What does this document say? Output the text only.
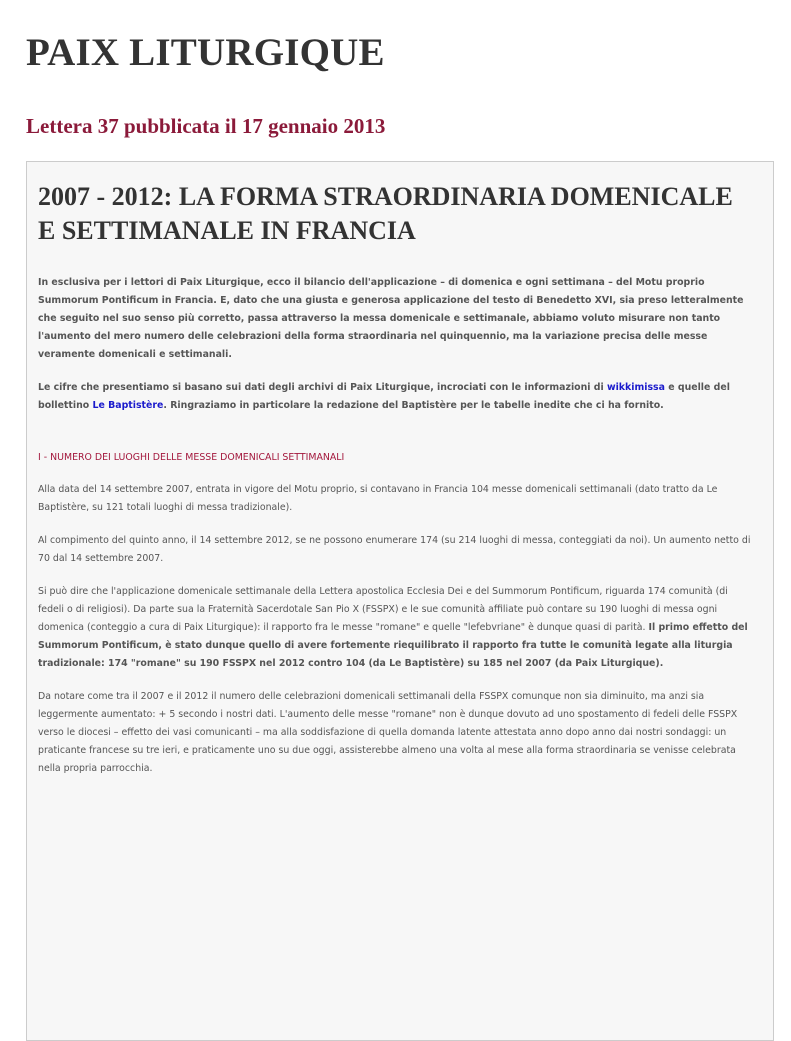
PAIX LITURGIQUE
Lettera 37 pubblicata il 17 gennaio 2013
2007 - 2012: LA FORMA STRAORDINARIA DOMENICALE E SETTIMANALE IN FRANCIA

In esclusiva per i lettori di Paix Liturgique, ecco il bilancio dell'applicazione – di domenica e ogni settimana – del Motu proprio Summorum Pontificum in Francia. E, dato che una giusta e generosa applicazione del testo di Benedetto XVI, sia preso letteralmente che seguito nel suo senso più corretto, passa attraverso la messa domenicale e settimanale, abbiamo voluto misurare non tanto l'aumento del mero numero delle celebrazioni della forma straordinaria nel quinquennio, ma la variazione precisa delle messe veramente domenicali e settimanali.

Le cifre che presentiamo si basano sui dati degli archivi di Paix Liturgique, incrociati con le informazioni di wikkimissa e quelle del bollettino Le Baptistère. Ringraziamo in particolare la redazione del Baptistère per le tabelle inedite che ci ha fornito.

I - NUMERO DEI LUOGHI DELLE MESSE DOMENICALI SETTIMANALI

Alla data del 14 settembre 2007, entrata in vigore del Motu proprio, si contavano in Francia 104 messe domenicali settimanali (dato tratto da Le Baptistère, su 121 totali luoghi di messa tradizionale).

Al compimento del quinto anno, il 14 settembre 2012, se ne possono enumerare 174 (su 214 luoghi di messa, conteggiati da noi). Un aumento netto di 70 dal 14 settembre 2007.

Si può dire che l'applicazione domenicale settimanale della Lettera apostolica Ecclesia Dei e del Summorum Pontificum, riguarda 174 comunità (di fedeli o di religiosi). Da parte sua la Fraternità Sacerdotale San Pio X (FSSPX) e le sue comunità affiliate può contare su 190 luoghi di messa ogni domenica (conteggio a cura di Paix Liturgique): il rapporto fra le messe "romane" e quelle "lefebvriane" è dunque quasi di parità. Il primo effetto del Summorum Pontificum, è stato dunque quello di avere fortemente riequilibrato il rapporto fra tutte le comunità legate alla liturgia tradizionale: 174 "romane" su 190 FSSPX nel 2012 contro 104 (da Le Baptistère) su 185 nel 2007 (da Paix Liturgique).

Da notare come tra il 2007 e il 2012 il numero delle celebrazioni domenicali settimanali della FSSPX comunque non sia diminuito, ma anzi sia leggermente aumentato: + 5 secondo i nostri dati. L'aumento delle messe "romane" non è dunque dovuto ad uno spostamento di fedeli delle FSSPX verso le diocesi – effetto dei vasi comunicanti – ma alla soddisfazione di quella domanda latente attestata anno dopo anno dai nostri sondaggi: un praticante francese su tre ieri, e praticamente uno su due oggi, assisterebbe almeno una volta al mese alla forma straordinaria se venisse celebrata nella propria parrocchia.
